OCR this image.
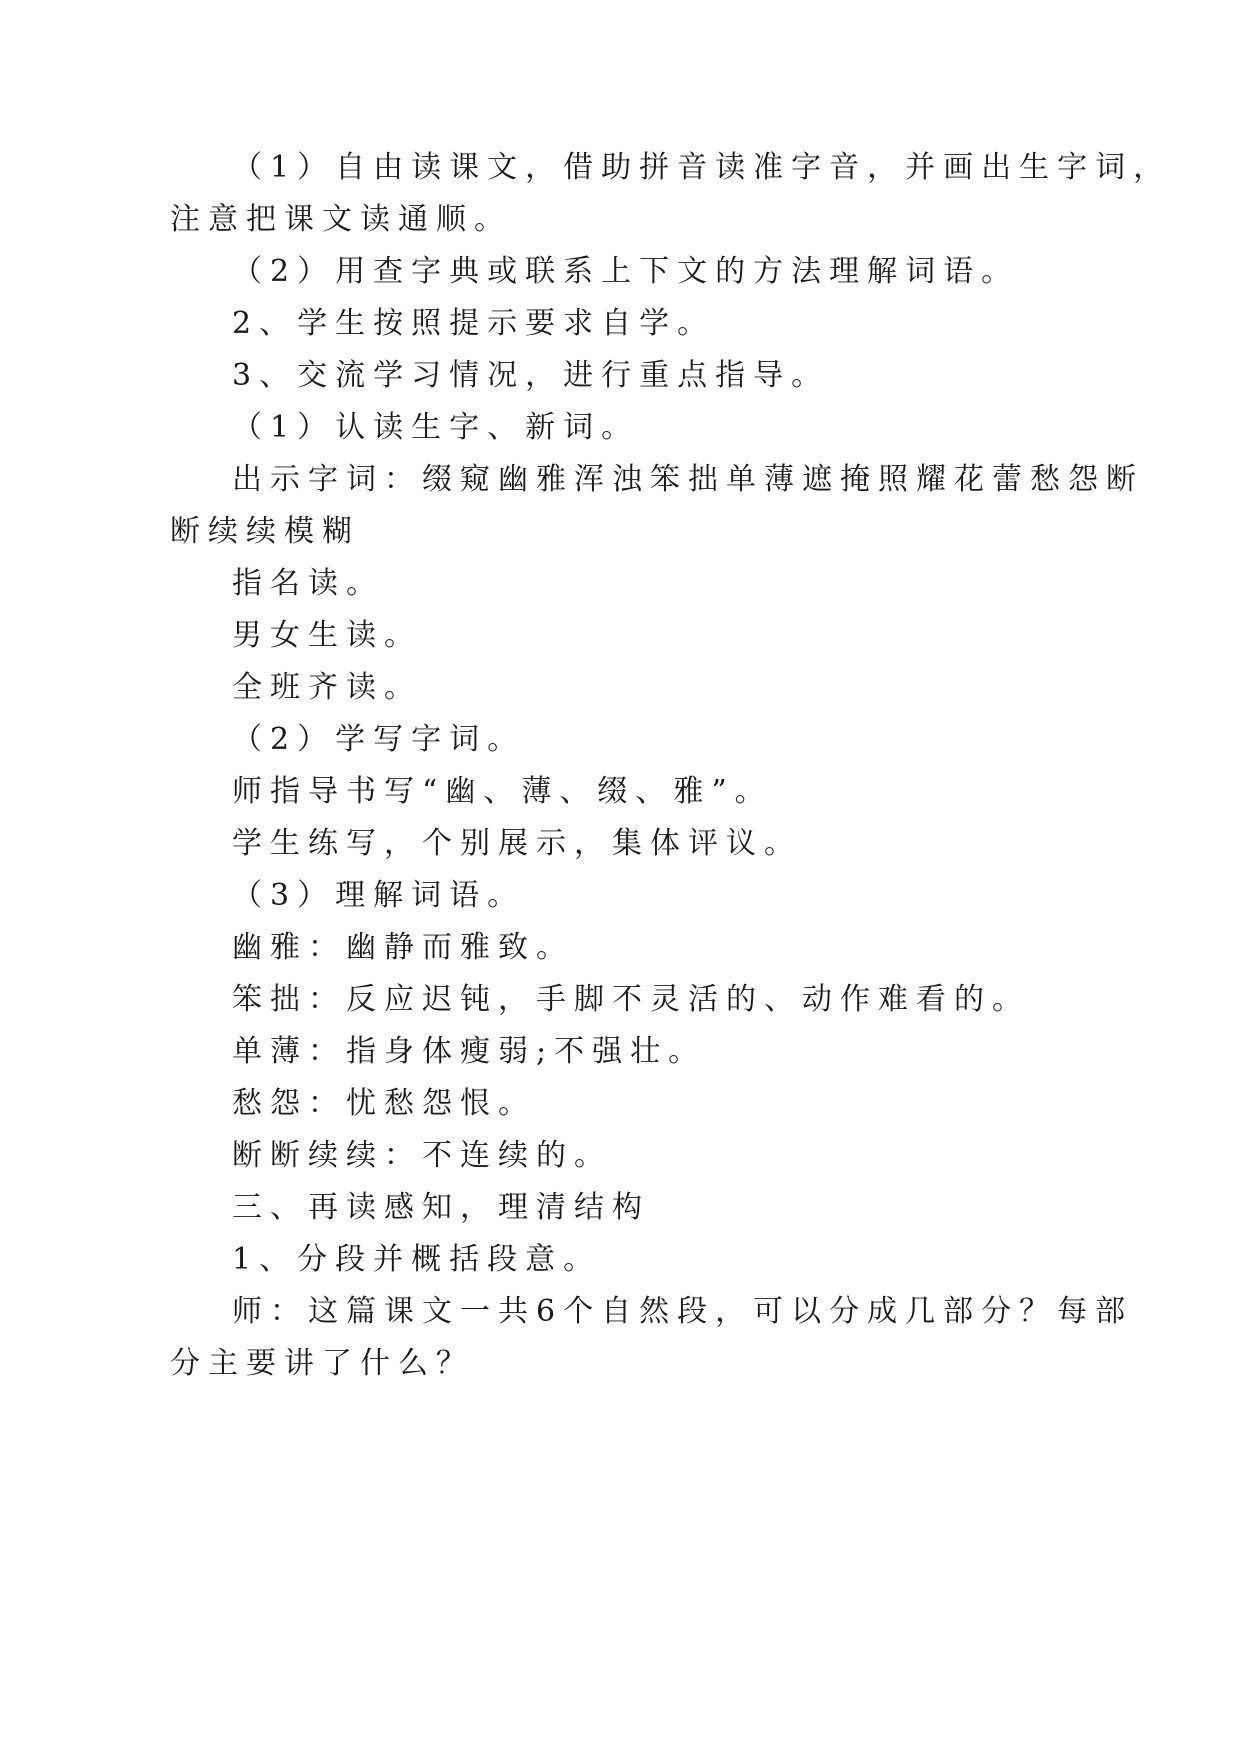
（1）自由读课文，借助拼音读准字音，并画出生字词，
注意把课文读通顺。
（2）用查字典或联系上下文的方法理解词语。
2、学生按照提示要求自学。
3、交流学习情况，进行重点指导。
（1）认读生字、新词。
出示字词：缀窥幽雅浑浊笨拙单薄遮掩照耀花蕾愁怨断
断续续模糊
指名读。
男女生读。
全班齐读。
（2）学写字词。
师指导书写“幽、薄、缀、雅”。
学生练写，个别展示，集体评议。
（3）理解词语。
幽雅：幽静而雅致。
笨拙：反应迟钝，手脚不灵活的、动作难看的。
单薄：指身体瘦弱;不强壮。
愁怨：忧愁怨恨。
断断续续：不连续的。
三、再读感知，理清结构
1、分段并概括段意。
师：这篇课文一共6个自然段，可以分成几部分？每部
分主要讲了什么？
